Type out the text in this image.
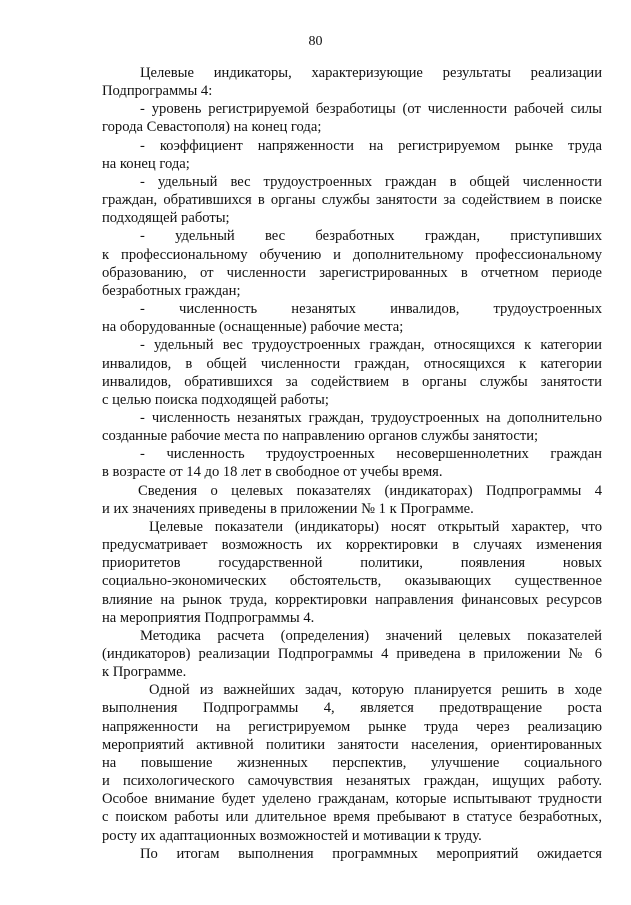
80
Целевые индикаторы, характеризующие результаты реализации
Подпрограммы 4:
- уровень регистрируемой безработицы (от численности рабочей силы
города Севастополя) на конец года;
- коэффициент напряженности на регистрируемом рынке труда
на конец года;
- удельный вес трудоустроенных граждан в общей численности
граждан, обратившихся в органы службы занятости за содействием в поиске
подходящей работы;
- удельный вес безработных граждан, приступивших
к профессиональному обучению и дополнительному профессиональному
образованию, от численности зарегистрированных в отчетном периоде
безработных граждан;
- численность незанятых инвалидов, трудоустроенных
на оборудованные (оснащенные) рабочие места;
- удельный вес трудоустроенных граждан, относящихся к категории
инвалидов, в общей численности граждан, относящихся к категории
инвалидов, обратившихся за содействием в органы службы занятости
с целью поиска подходящей работы;
- численность незанятых граждан, трудоустроенных на дополнительно
созданные рабочие места по направлению органов службы занятости;
- численность трудоустроенных несовершеннолетних граждан
в возрасте от 14 до 18 лет в свободное от учебы время.
Сведения о целевых показателях (индикаторах) Подпрограммы 4
и их значениях приведены в приложении № 1 к Программе.
Целевые показатели (индикаторы) носят открытый характер, что
предусматривает возможность их корректировки в случаях изменения
приоритетов государственной политики, появления новых
социально-экономических обстоятельств, оказывающих существенное
влияние на рынок труда, корректировки направления финансовых ресурсов
на мероприятия Подпрограммы 4.
Методика расчета (определения) значений целевых показателей
(индикаторов) реализации Подпрограммы 4 приведена в приложении № 6
к Программе.
Одной из важнейших задач, которую планируется решить в ходе
выполнения Подпрограммы 4, является предотвращение роста
напряженности на регистрируемом рынке труда через реализацию
мероприятий активной политики занятости населения, ориентированных
на повышение жизненных перспектив, улучшение социального
и психологического самочувствия незанятых граждан, ищущих работу.
Особое внимание будет уделено гражданам, которые испытывают трудности
с поиском работы или длительное время пребывают в статусе безработных,
росту их адаптационных возможностей и мотивации к труду.
По итогам выполнения программных мероприятий ожидается
